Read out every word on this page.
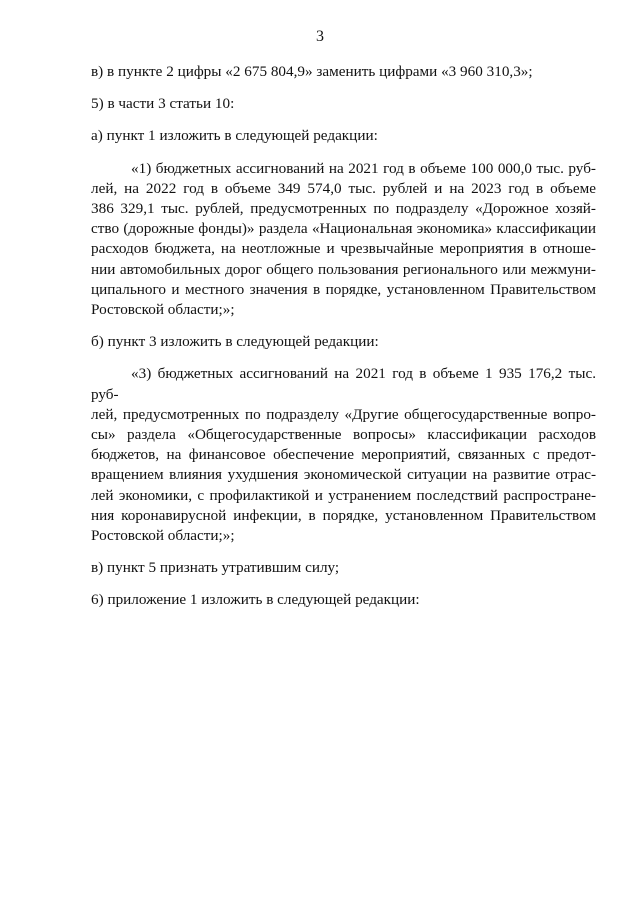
3

в) в пункте 2 цифры «2 675 804,9» заменить цифрами «3 960 310,3»;

5) в части 3 статьи 10:

а) пункт 1 изложить в следующей редакции:

«1) бюджетных ассигнований на 2021 год в объеме 100 000,0 тыс. руб-
лей, на 2022 год в объеме 349 574,0 тыс. рублей и на 2023 год в объеме
386 329,1 тыс. рублей, предусмотренных по подразделу «Дорожное хозяй-
ство (дорожные фонды)» раздела «Национальная экономика» классификации
расходов бюджета, на неотложные и чрезвычайные мероприятия в отноше-
нии автомобильных дорог общего пользования регионального или межмуни-
ципального и местного значения в порядке, установленном Правительством
Ростовской области;»;

б) пункт 3 изложить в следующей редакции:

«3) бюджетных ассигнований на 2021 год в объеме 1 935 176,2 тыс. руб-
лей, предусмотренных по подразделу «Другие общегосударственные вопро-
сы» раздела «Общегосударственные вопросы» классификации расходов
бюджетов, на финансовое обеспечение мероприятий, связанных с предот-
вращением влияния ухудшения экономической ситуации на развитие отрас-
лей экономики, с профилактикой и устранением последствий распростране-
ния коронавирусной инфекции, в порядке, установленном Правительством
Ростовской области;»;

в) пункт 5 признать утратившим силу;

6) приложение 1 изложить в следующей редакции:
